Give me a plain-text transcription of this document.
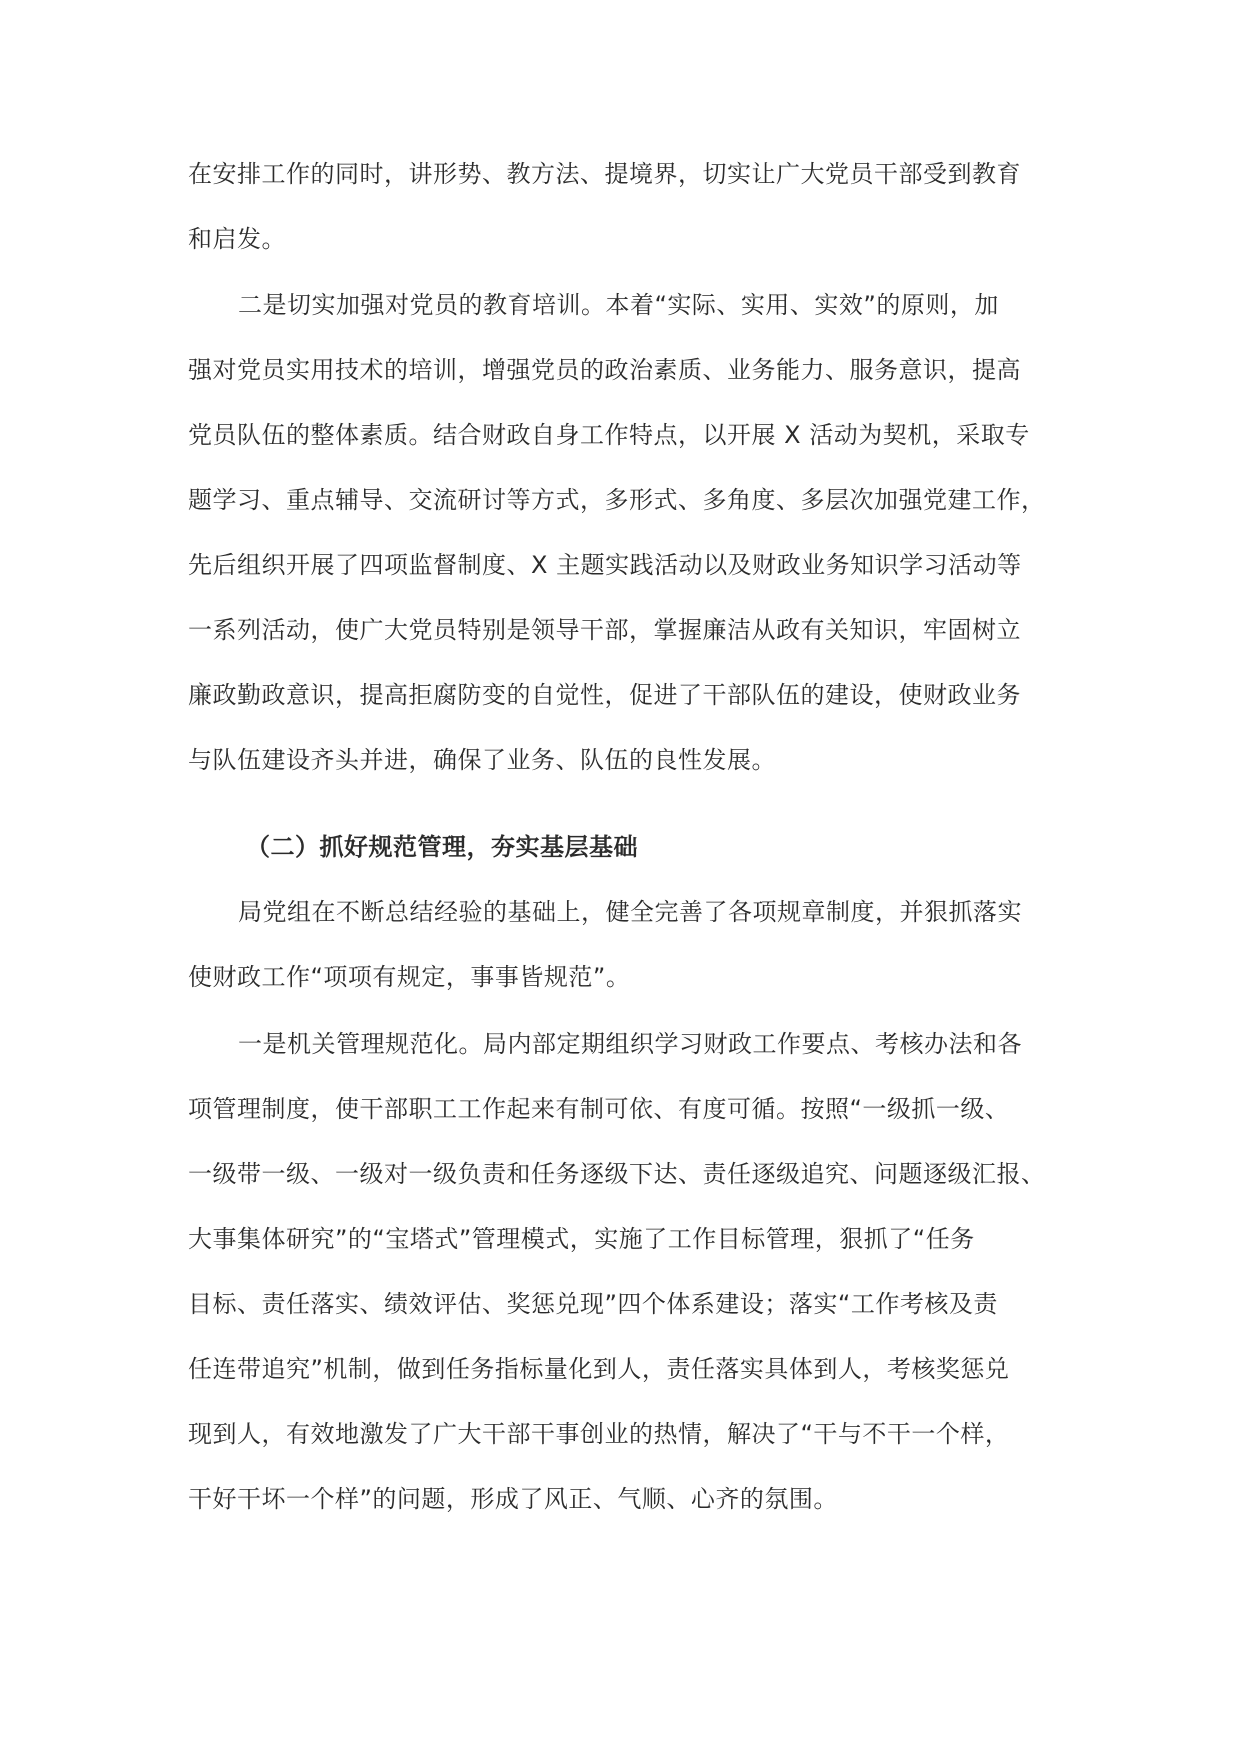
在安排工作的同时，讲形势、教方法、提境界，切实让广大党员干部受到教育
和启发。
二是切实加强对党员的教育培训。本着“实际、实用、实效”的原则，加
强对党员实用技术的培训，增强党员的政治素质、业务能力、服务意识，提高
党员队伍的整体素质。结合财政自身工作特点，以开展 X 活动为契机，采取专
题学习、重点辅导、交流研讨等方式，多形式、多角度、多层次加强党建工作，
先后组织开展了四项监督制度、X 主题实践活动以及财政业务知识学习活动等
一系列活动，使广大党员特别是领导干部，掌握廉洁从政有关知识，牢固树立
廉政勤政意识，提高拒腐防变的自觉性，促进了干部队伍的建设，使财政业务
与队伍建设齐头并进，确保了业务、队伍的良性发展。
（二）抓好规范管理，夯实基层基础
局党组在不断总结经验的基础上，健全完善了各项规章制度，并狠抓落实
使财政工作“项项有规定，事事皆规范”。
一是机关管理规范化。局内部定期组织学习财政工作要点、考核办法和各
项管理制度，使干部职工工作起来有制可依、有度可循。按照“一级抓一级、
一级带一级、一级对一级负责和任务逐级下达、责任逐级追究、问题逐级汇报、
大事集体研究”的“宝塔式”管理模式，实施了工作目标管理，狠抓了“任务
目标、责任落实、绩效评估、奖惩兑现”四个体系建设；落实“工作考核及责
任连带追究”机制，做到任务指标量化到人，责任落实具体到人，考核奖惩兑
现到人，有效地激发了广大干部干事创业的热情，解决了“干与不干一个样，
干好干坏一个样”的问题，形成了风正、气顺、心齐的氛围。
